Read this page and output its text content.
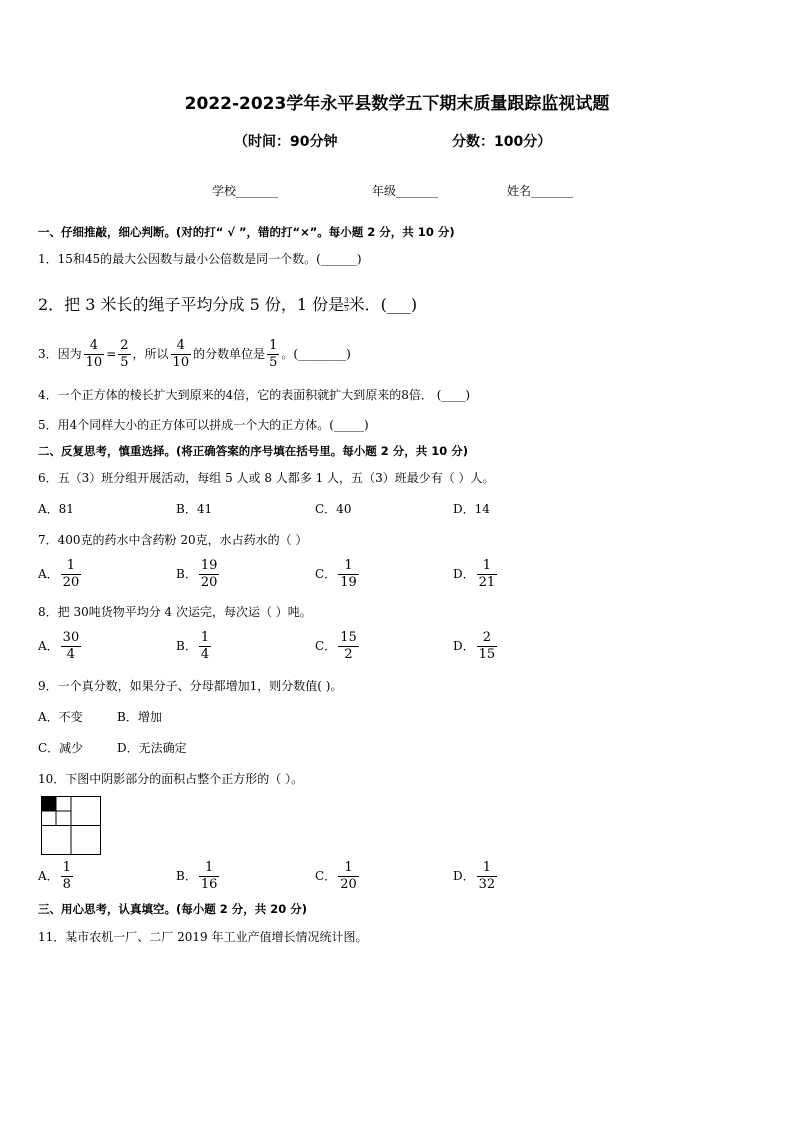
2022-2023学年永平县数学五下期末质量跟踪监视试题
（时间：90分钟	分数：100分）
学校_______	年级_______	姓名_______
一、仔细推敲，细心判断。(对的打“ √ ”，错的打“×”。每小题 2 分，共 10 分)
1．15和45的最大公因数与最小公倍数是同一个数。(______)
2．把 3 米长的绳子平均分成 5 份，1 份是 $\frac{3}{5}$米．(___)
3．因为 $\frac{4}{10} = \frac{2}{5}$ ，所以 $\frac{4}{10}$ 的分数单位是 $\frac{1}{5}$ 。(________)
4．一个正方体的棱长扩大到原来的4倍，它的表面积就扩大到原来的8倍． (____)
5．用4个同样大小的正方体可以拼成一个大的正方体。(_____)
二、反复思考，慎重选择。(将正确答案的序号填在括号里。每小题 2 分，共 10 分)
6．五（3）班分组开展活动，每组 5 人或 8 人都多 1 人，五（3）班最少有（ ）人。
A．81	B．41	C．40	D．14
7．400克的药水中含药粉 20克，水占药水的（ ）
A． $\frac{1}{20}$	B． $\frac{19}{20}$	C． $\frac{1}{19}$	D． $\frac{1}{21}$
8．把 30吨货物平均分 4 次运完，每次运（ ）吨。
A． $\frac{30}{4}$	B． $\frac{1}{4}$	C． $\frac{15}{2}$	D． $\frac{2}{15}$
9．一个真分数，如果分子、分母都增加1，则分数值( )。
A．不变	B．增加
C．减少	D．无法确定
10．下图中阴影部分的面积占整个正方形的（ ）。
A． $\frac{1}{8}$	B． $\frac{1}{16}$	C． $\frac{1}{20}$	D． $\frac{1}{32}$
三、用心思考，认真填空。(每小题 2 分，共 20 分)
11．某市农机一厂、二厂 2019 年工业产值增长情况统计图。
